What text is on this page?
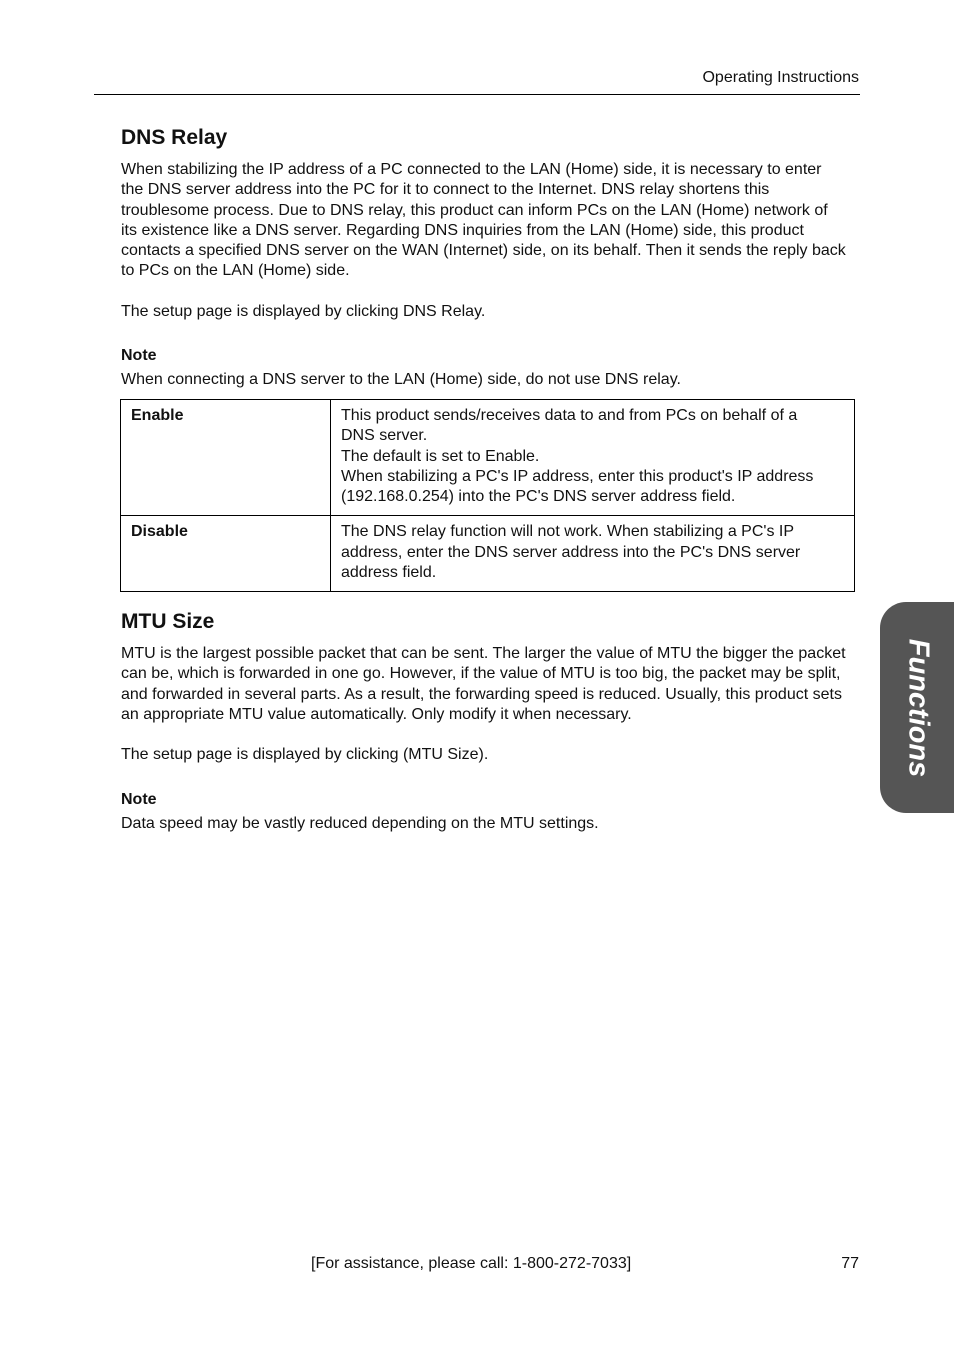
Operating Instructions
DNS Relay

When stabilizing the IP address of a PC connected to the LAN (Home) side, it is necessary to enter

the DNS server address into the PC for it to connect to the Internet. DNS relay shortens this

troublesome process. Due to DNS relay, this product can inform PCs on the LAN (Home) network of

its existence like a DNS server. Regarding DNS inquiries from the LAN (Home) side, this product

contacts a specified DNS server on the WAN (Internet) side, on its behalf. Then it sends the reply back

to PCs on the LAN (Home) side.

The setup page is displayed by clicking DNS Relay.

Note

When connecting a DNS server to the LAN (Home) side, do not use DNS relay.

Enable	This product sends/receives data to and from PCs on behalf of a
DNS server.
The default is set to Enable.
When stabilizing a PC's IP address, enter this product's IP address
(192.168.0.254) into the PC's DNS server address field.

Disable	The DNS relay function will not work. When stabilizing a PC's IP
address, enter the DNS server address into the PC's DNS server
address field.
MTU Size

MTU is the largest possible packet that can be sent. The larger the value of MTU the bigger the packet

can be, which is forwarded in one go. However, if the value of MTU is too big, the packet may be split,

and forwarded in several parts. As a result, the forwarding speed is reduced. Usually, this product sets

an appropriate MTU value automatically. Only modify it when necessary.

The setup page is displayed by clicking (MTU Size).

Note

Data speed may be vastly reduced depending on the MTU settings.

Functions
[For assistance, please call: 1-800-272-7033]	77
